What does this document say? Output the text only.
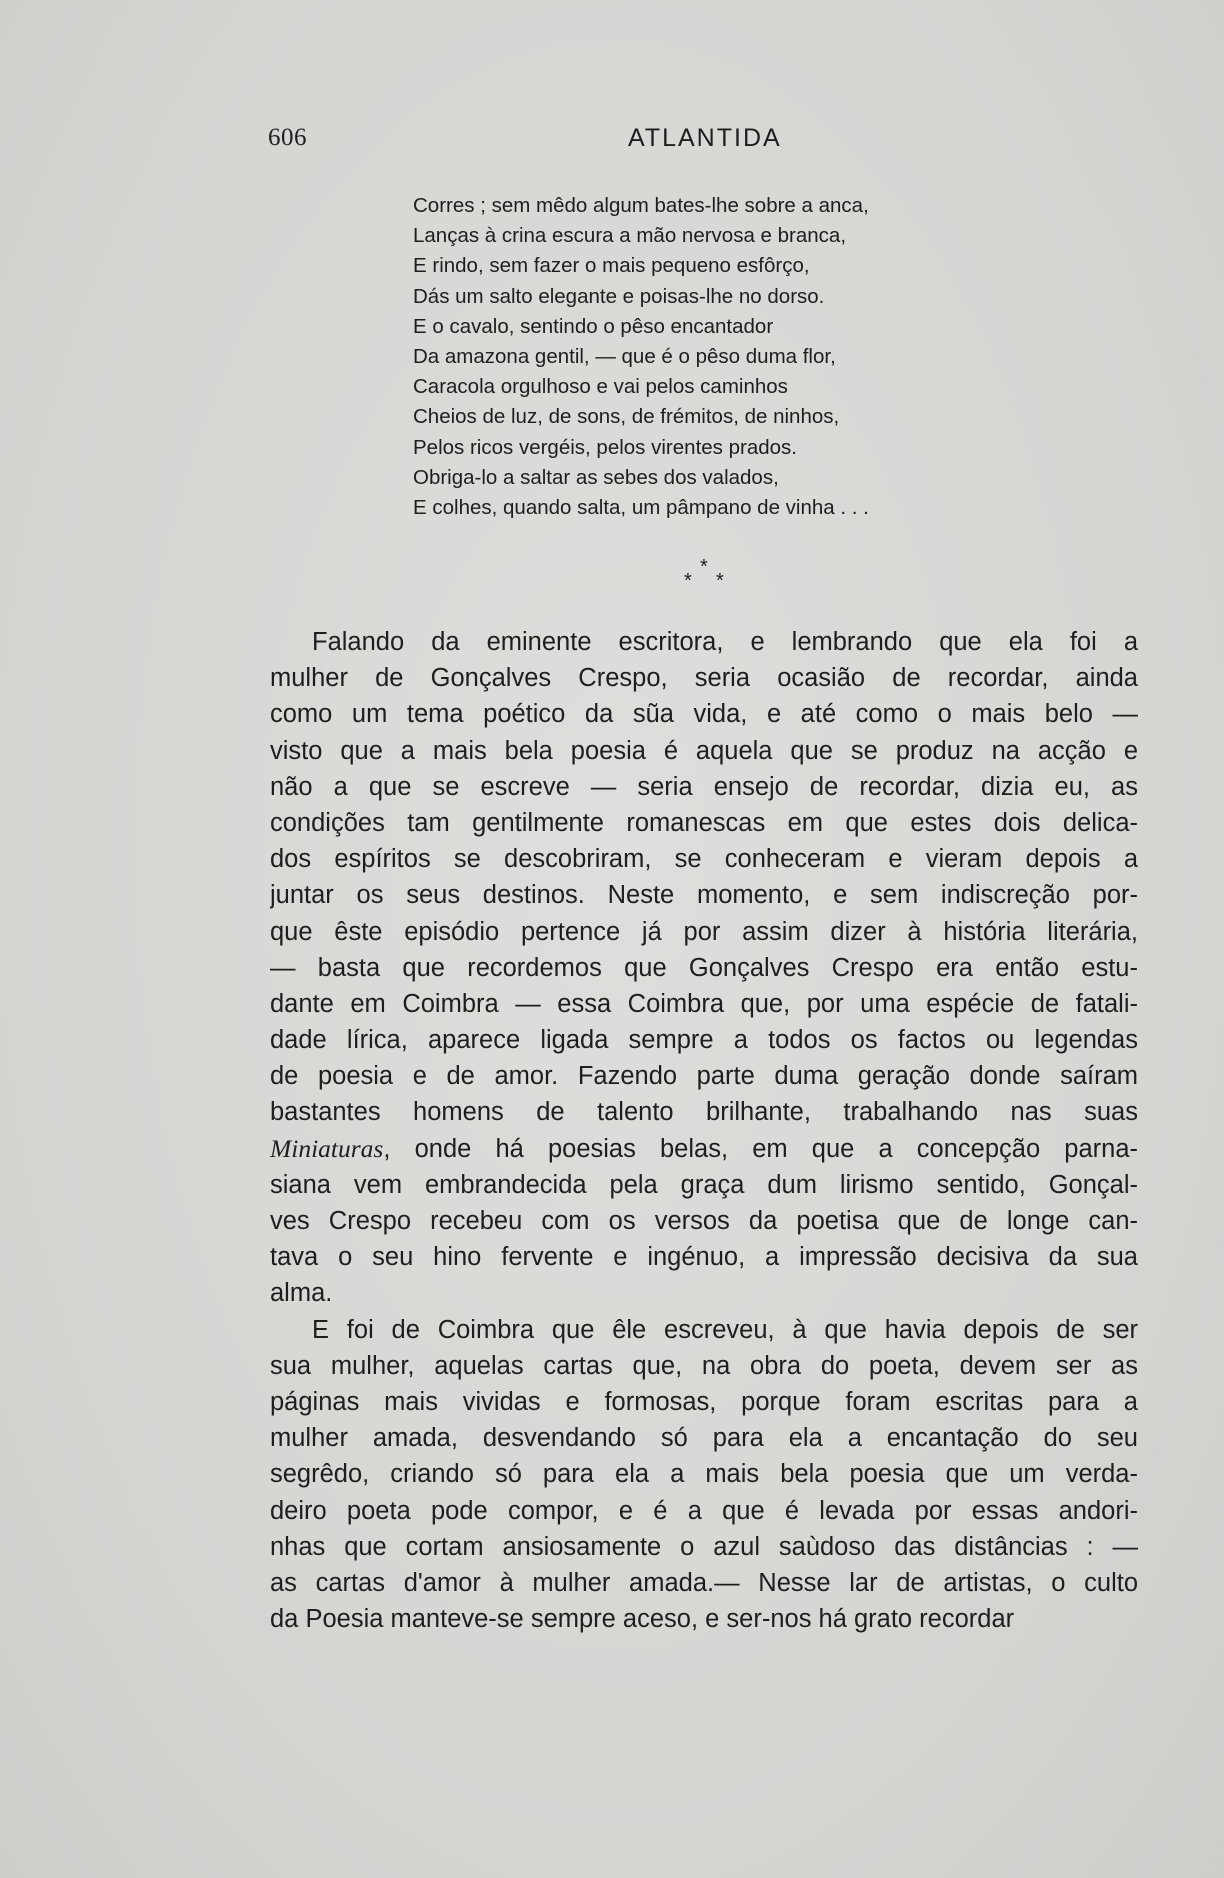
606	ATLANTIDA
Corres ; sem mêdo algum bates-lhe sobre a anca,
Lanças à crina escura a mão nervosa e branca,
E rindo, sem fazer o mais pequeno esfôrço,
Dás um salto elegante e poisas-lhe no dorso.
E o cavalo, sentindo o pêso encantador
Da amazona gentil, — que é o pêso duma flor,
Caracola orgulhoso e vai pelos caminhos
Cheios de luz, de sons, de frémitos, de ninhos,
Pelos ricos vergéis, pelos virentes prados.
Obriga-lo a saltar as sebes dos valados,
E colhes, quando salta, um pâmpano de vinha . . .
*
* *
Falando da eminente escritora, e lembrando que ela foi a
mulher de Gonçalves Crespo, seria ocasião de recordar, ainda
como um tema poético da sũa vida, e até como o mais belo —
visto que a mais bela poesia é aquela que se produz na acção e
não a que se escreve — seria ensejo de recordar, dizia eu, as
condições tam gentilmente romanescas em que estes dois delica-
dos espíritos se descobriram, se conheceram e vieram depois a
juntar os seus destinos. Neste momento, e sem indiscreção por-
que êste episódio pertence já por assim dizer à história literária,
— basta que recordemos que Gonçalves Crespo era então estu-
dante em Coimbra — essa Coimbra que, por uma espécie de fatali-
dade lírica, aparece ligada sempre a todos os factos ou legendas
de poesia e de amor. Fazendo parte duma geração donde saíram
bastantes homens de talento brilhante, trabalhando nas suas
Miniaturas, onde há poesias belas, em que a concepção parna-
siana vem embrandecida pela graça dum lirismo sentido, Gonçal-
ves Crespo recebeu com os versos da poetisa que de longe can-
tava o seu hino fervente e ingénuo, a impressão decisiva da sua
alma.
E foi de Coimbra que êle escreveu, à que havia depois de ser
sua mulher, aquelas cartas que, na obra do poeta, devem ser as
páginas mais vividas e formosas, porque foram escritas para a
mulher amada, desvendando só para ela a encantação do seu
segrêdo, criando só para ela a mais bela poesia que um verda-
deiro poeta pode compor, e é a que é levada por essas andori-
nhas que cortam ansiosamente o azul saùdoso das distâncias : —
as cartas d'amor à mulher amada.— Nesse lar de artistas, o culto
da Poesia manteve-se sempre aceso, e ser-nos há grato recordar
